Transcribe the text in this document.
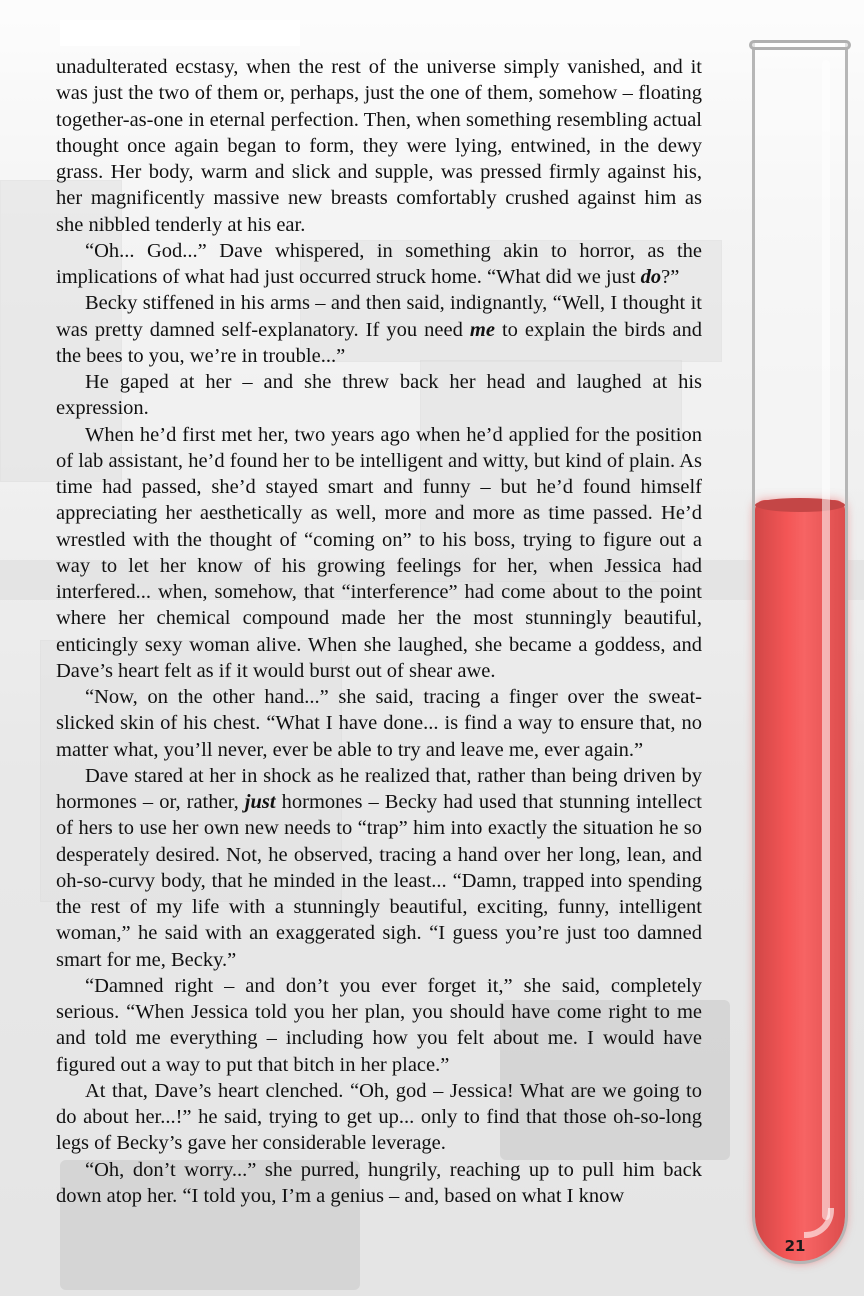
21

unadulterated ecstasy, when the rest of the universe simply vanished, and it was just the two of them or, perhaps, just the one of them, somehow – floating together-as-one in eternal perfection. Then, when something resembling actual thought once again began to form, they were lying, entwined, in the dewy grass. Her body, warm and slick and supple, was pressed firmly against his, her magnificently massive new breasts comfortably crushed against him as she nibbled tenderly at his ear.

“Oh... God...” Dave whispered, in something akin to horror, as the implications of what had just occurred struck home. “What did we just do?”

Becky stiffened in his arms – and then said, indignantly, “Well, I thought it was pretty damned self-explanatory. If you need me to explain the birds and the bees to you, we’re in trouble...”

He gaped at her – and she threw back her head and laughed at his expression.

When he’d first met her, two years ago when he’d applied for the position of lab assistant, he’d found her to be intelligent and witty, but kind of plain. As time had passed, she’d stayed smart and funny – but he’d found himself appreciating her aesthetically as well, more and more as time passed. He’d wrestled with the thought of “coming on” to his boss, trying to figure out a way to let her know of his growing feelings for her, when Jessica had interfered... when, somehow, that “interference” had come about to the point where her chemical compound made her the most stunningly beautiful, enticingly sexy woman alive. When she laughed, she became a goddess, and Dave’s heart felt as if it would burst out of shear awe.

“Now, on the other hand...” she said, tracing a finger over the sweat-slicked skin of his chest. “What I have done... is find a way to ensure that, no matter what, you’ll never, ever be able to try and leave me, ever again.”

Dave stared at her in shock as he realized that, rather than being driven by hormones – or, rather, just hormones – Becky had used that stunning intellect of hers to use her own new needs to “trap” him into exactly the situation he so desperately desired. Not, he observed, tracing a hand over her long, lean, and oh-so-curvy body, that he minded in the least... “Damn, trapped into spending the rest of my life with a stunningly beautiful, exciting, funny, intelligent woman,” he said with an exaggerated sigh. “I guess you’re just too damned smart for me, Becky.”

“Damned right – and don’t you ever forget it,” she said, completely serious. “When Jessica told you her plan, you should have come right to me and told me everything – including how you felt about me. I would have figured out a way to put that bitch in her place.”

At that, Dave’s heart clenched. “Oh, god – Jessica! What are we going to do about her...!” he said, trying to get up... only to find that those oh-so-long legs of Becky’s gave her considerable leverage.

“Oh, don’t worry...” she purred, hungrily, reaching up to pull him back down atop her. “I told you, I’m a genius – and, based on what I know
